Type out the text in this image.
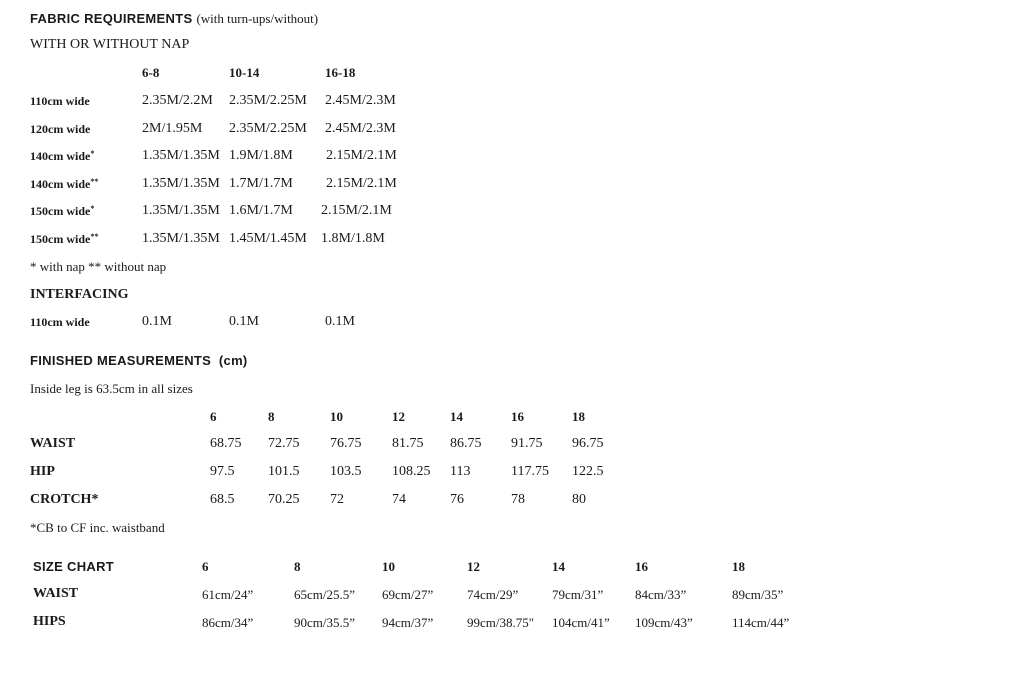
FABRIC REQUIREMENTS (with turn-ups/without)
WITH OR WITHOUT NAP
6-8	10-14	16-18
110cm wide	2.35M/2.2M 2.35M/2.25M 2.45M/2.3M
120cm wide	2M/1.95M 2.35M/2.25M 2.45M/2.3M
140cm wide*	1.35M/1.35M 1.9M/1.8M 2.15M/2.1M
140cm wide**	1.35M/1.35M 1.7M/1.7M 2.15M/2.1M
150cm wide*	1.35M/1.35M 1.6M/1.7M 2.15M/2.1M
150cm wide**	1.35M/1.35M 1.45M/1.45M 1.8M/1.8M
* with nap ** without nap
INTERFACING
110cm wide	0.1M	0.1M	0.1M
FINISHED MEASUREMENTS  (cm)
Inside leg is 63.5cm in all sizes
6	8	10	12	14	16	18
WAIST	68.75 72.75 76.75 81.75 86.75 91.75 96.75
HIP	97.5 101.5 103.5 108.25 113	117.75 122.5
CROTCH*	68.5 70.25 72	74	76	78	80
*CB to CF inc. waistband
SIZE CHART	6	8	10	12	14	16	18
WAIST	61cm/24”	65cm/25.5” 69cm/27”	74cm/29”	79cm/31” 84cm/33”	89cm/35”
HIPS	86cm/34”	90cm/35.5” 94cm/37”	99cm/38.75" 104cm/41” 109cm/43”	114cm/44”
